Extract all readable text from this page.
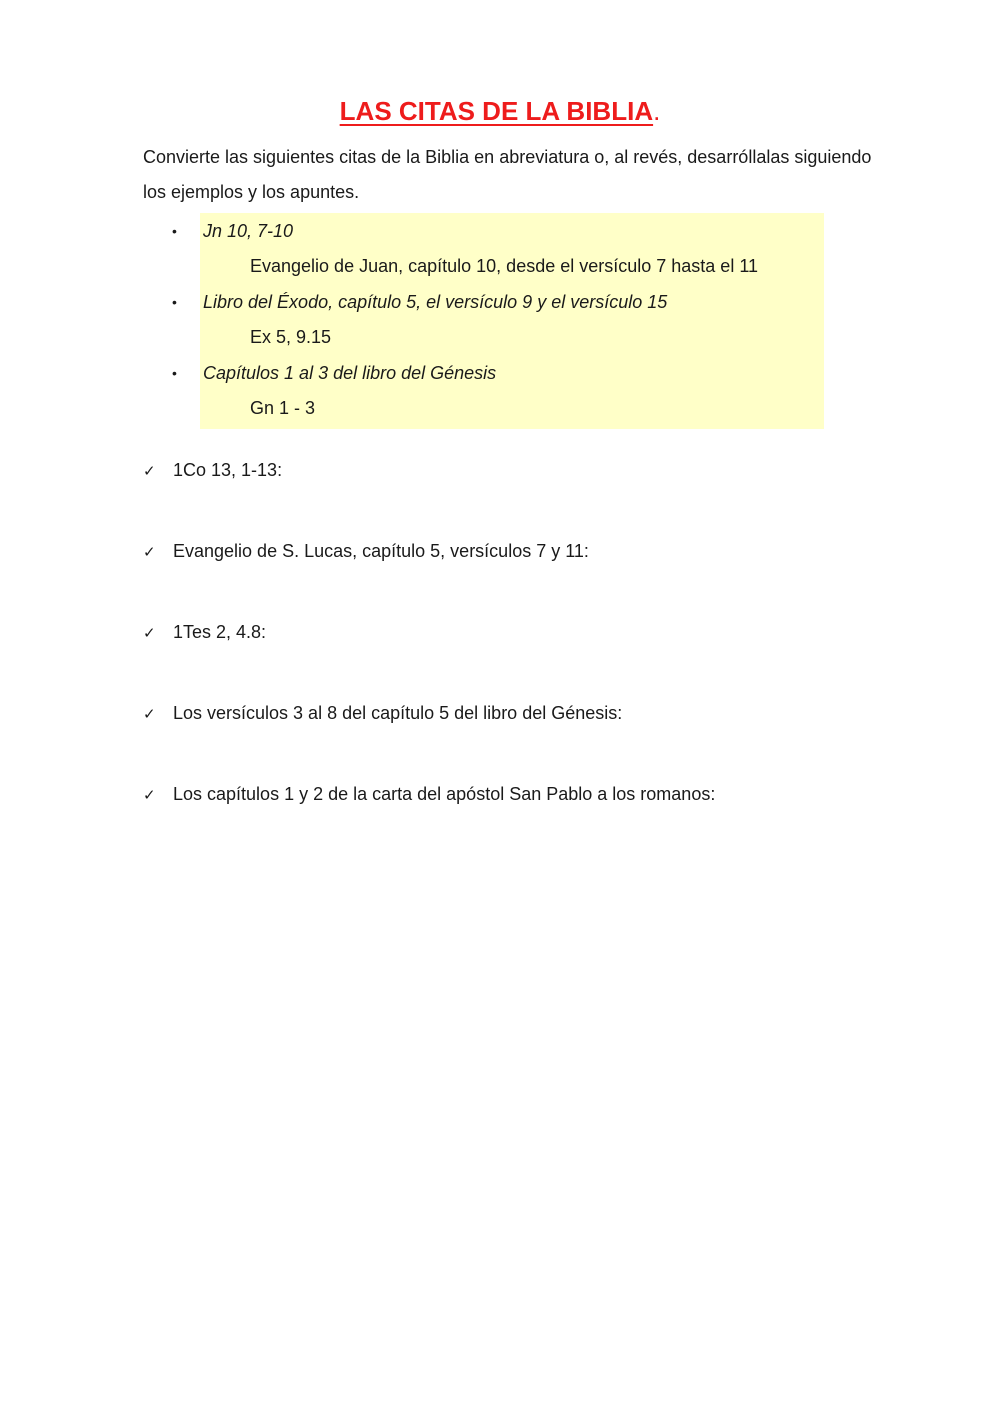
LAS CITAS DE LA BIBLIA.
Convierte las siguientes citas de la Biblia en abreviatura o, al revés, desarróllalas siguiendo los ejemplos y los apuntes.
• Jn 10, 7-10
Evangelio de Juan, capítulo 10, desde el versículo 7 hasta el 11
• Libro del Éxodo, capítulo 5, el versículo 9 y el versículo 15
Ex 5, 9.15
• Capítulos 1 al 3 del libro del Génesis
Gn 1 - 3
✓ 1Co 13, 1-13:
✓ Evangelio de S. Lucas, capítulo 5, versículos 7 y 11:
✓ 1Tes 2, 4.8:
✓ Los versículos 3 al 8 del capítulo 5 del libro del Génesis:
✓ Los capítulos 1 y 2 de la carta del apóstol San Pablo a los romanos:
